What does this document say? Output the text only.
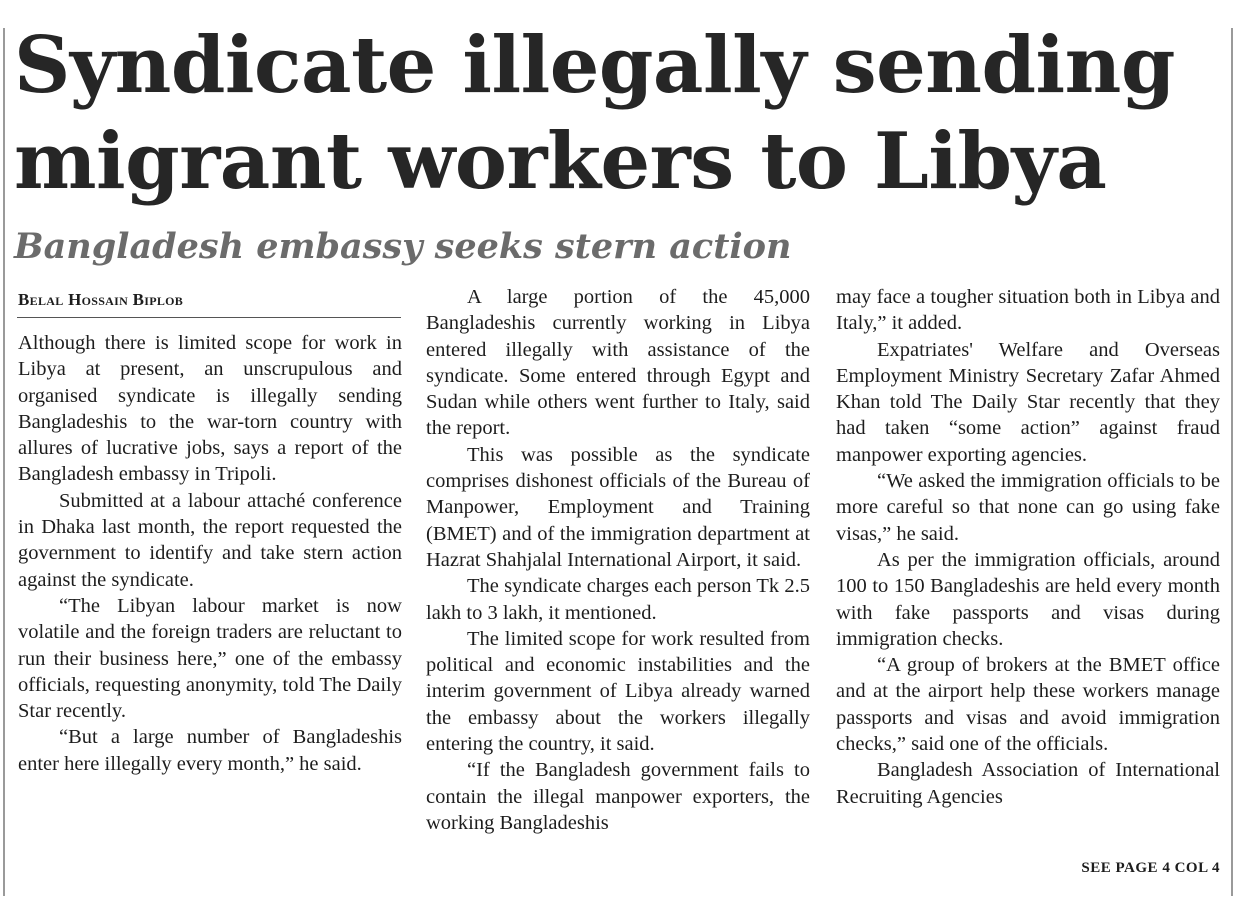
Syndicate illegally sending migrant workers to Libya
Bangladesh embassy seeks stern action
Belal Hossain Biplob

Although there is limited scope for work in Libya at present, an unscrupulous and organised syndicate is illegally sending Bangladeshis to the war-torn country with allures of lucrative jobs, says a report of the Bangladesh embassy in Tripoli.

Submitted at a labour attaché conference in Dhaka last month, the report requested the government to identify and take stern action against the syndicate.

“The Libyan labour market is now volatile and the foreign traders are reluctant to run their business here,” one of the embassy officials, requesting anonymity, told The Daily Star recently.

“But a large number of Bangladeshis enter here illegally every month,” he said.

A large portion of the 45,000 Bangladeshis currently working in Libya entered illegally with assistance of the syndicate. Some entered through Egypt and Sudan while others went further to Italy, said the report.

This was possible as the syndicate comprises dishonest officials of the Bureau of Manpower, Employment and Training (BMET) and of the immigration department at Hazrat Shahjalal International Airport, it said.

The syndicate charges each person Tk 2.5 lakh to 3 lakh, it mentioned.

The limited scope for work resulted from political and economic instabilities and the interim government of Libya already warned the embassy about the workers illegally entering the country, it said.

“If the Bangladesh government fails to contain the illegal manpower exporters, the working Bangladeshis

may face a tougher situation both in Libya and Italy,” it added.

Expatriates' Welfare and Overseas Employment Ministry Secretary Zafar Ahmed Khan told The Daily Star recently that they had taken “some action” against fraud manpower exporting agencies.

“We asked the immigration officials to be more careful so that none can go using fake visas,” he said.

As per the immigration officials, around 100 to 150 Bangladeshis are held every month with fake passports and visas during immigration checks.

“A group of brokers at the BMET office and at the airport help these workers manage passports and visas and avoid immigration checks,” said one of the officials.

Bangladesh Association of International Recruiting Agencies

SEE PAGE 4 COL 4
